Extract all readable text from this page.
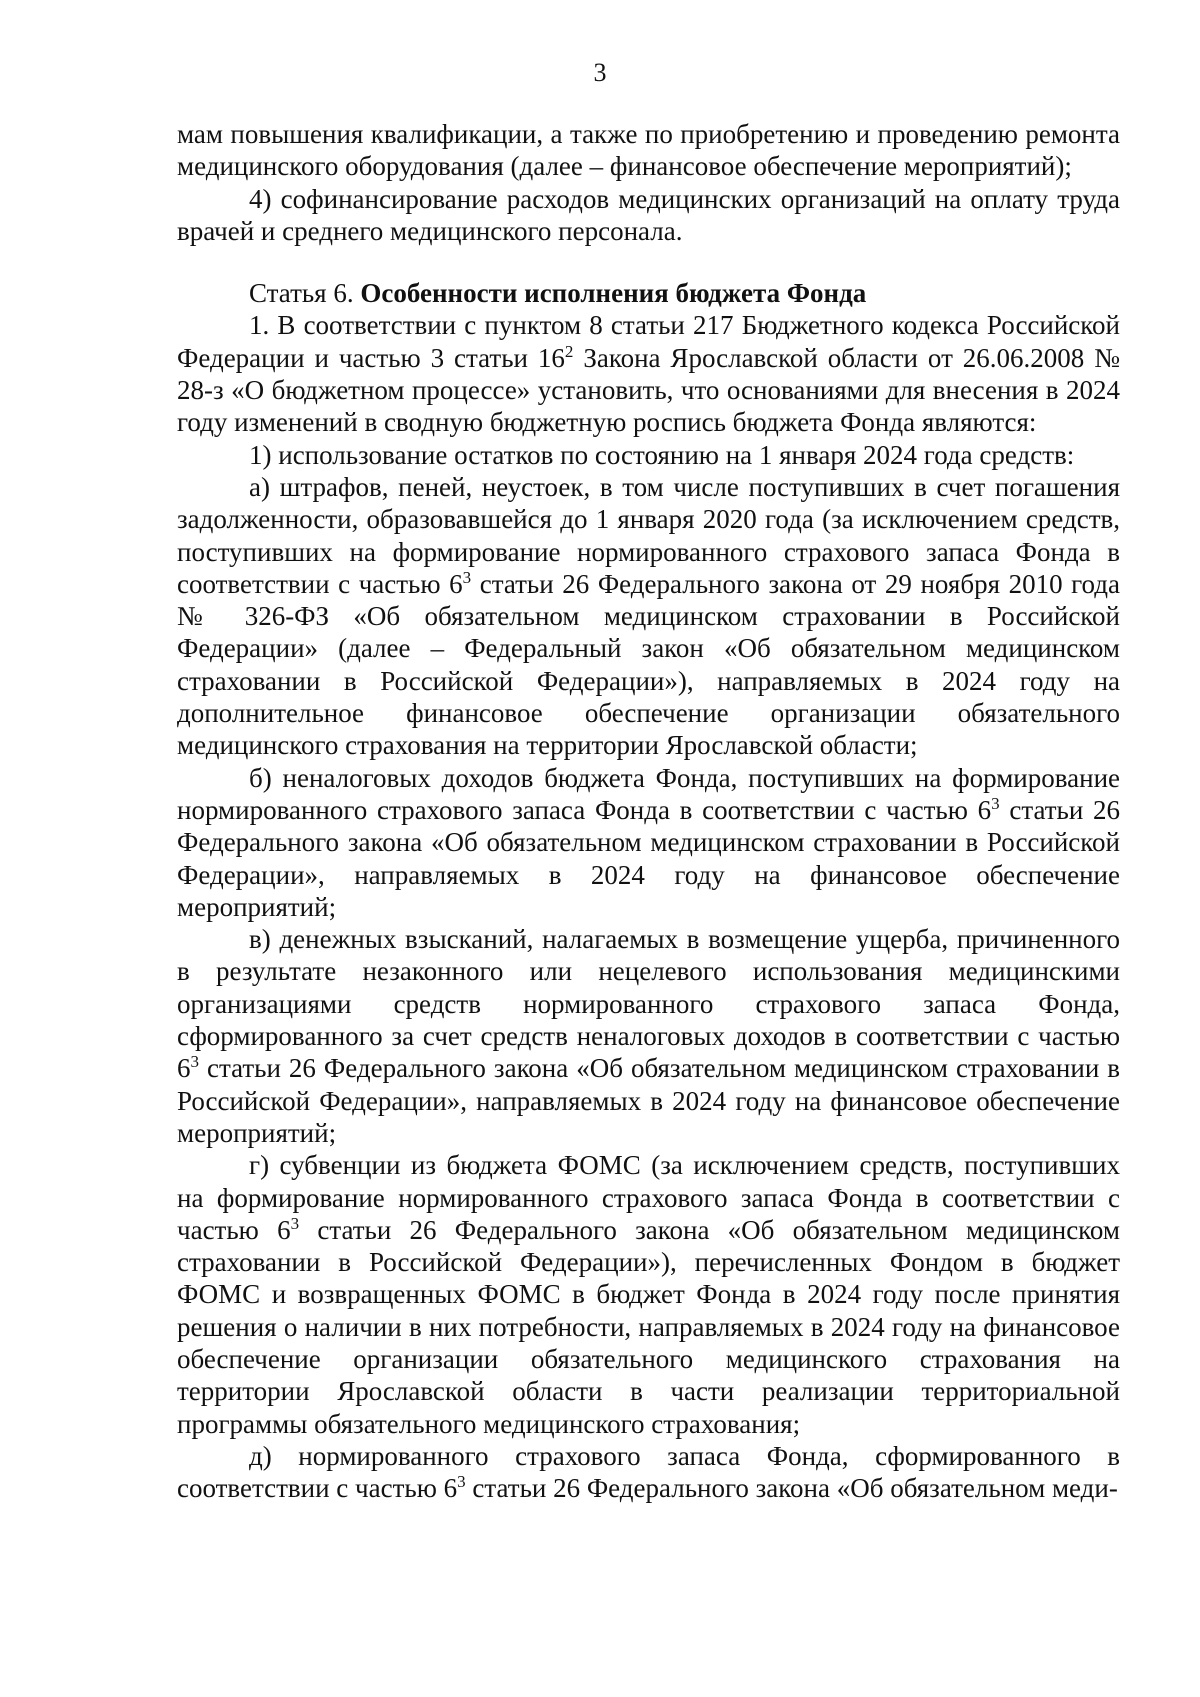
3

мам повышения квалификации, а также по приобретению и проведению ремонта медицинского оборудования (далее – финансовое обеспечение мероприятий);

4) софинансирование расходов медицинских организаций на оплату труда врачей и среднего медицинского персонала.

Статья 6. Особенности исполнения бюджета Фонда

1. В соответствии с пунктом 8 статьи 217 Бюджетного кодекса Российской Федерации и частью 3 статьи $16^2$ Закона Ярославской области от 26.06.2008 № 28-з «О бюджетном процессе» установить, что основаниями для внесения в 2024 году изменений в сводную бюджетную роспись бюджета Фонда являются:

1) использование остатков по состоянию на 1 января 2024 года средств:

а) штрафов, пеней, неустоек, в том числе поступивших в счет погашения задолженности, образовавшейся до 1 января 2020 года (за исключением средств, поступивших на формирование нормированного страхового запаса Фонда в соответствии с частью $6^3$ статьи 26 Федерального закона от 29 ноября 2010 года № 326-ФЗ «Об обязательном медицинском страховании в Российской Федерации» (далее – Федеральный закон «Об обязательном медицинском страховании в Российской Федерации»), направляемых в 2024 году на дополнительное финансовое обеспечение организации обязательного медицинского страхования на территории Ярославской области;

б) неналоговых доходов бюджета Фонда, поступивших на формирование нормированного страхового запаса Фонда в соответствии с частью $6^3$ статьи 26 Федерального закона «Об обязательном медицинском страховании в Российской Федерации», направляемых в 2024 году на финансовое обеспечение мероприятий;

в) денежных взысканий, налагаемых в возмещение ущерба, причиненного в результате незаконного или нецелевого использования медицинскими организациями средств нормированного страхового запаса Фонда, сформированного за счет средств неналоговых доходов в соответствии с частью $6^3$ статьи 26 Федерального закона «Об обязательном медицинском страховании в Российской Федерации», направляемых в 2024 году на финансовое обеспечение мероприятий;

г) субвенции из бюджета ФОМС (за исключением средств, поступивших на формирование нормированного страхового запаса Фонда в соответствии с частью $6^3$ статьи 26 Федерального закона «Об обязательном медицинском страховании в Российской Федерации»), перечисленных Фондом в бюджет ФОМС и возвращенных ФОМС в бюджет Фонда в 2024 году после принятия решения о наличии в них потребности, направляемых в 2024 году на финансовое обеспечение организации обязательного медицинского страхования на территории Ярославской области в части реализации территориальной программы обязательного медицинского страхования;

д) нормированного страхового запаса Фонда, сформированного в соответствии с частью $6^3$ статьи 26 Федерального закона «Об обязательном меди-
